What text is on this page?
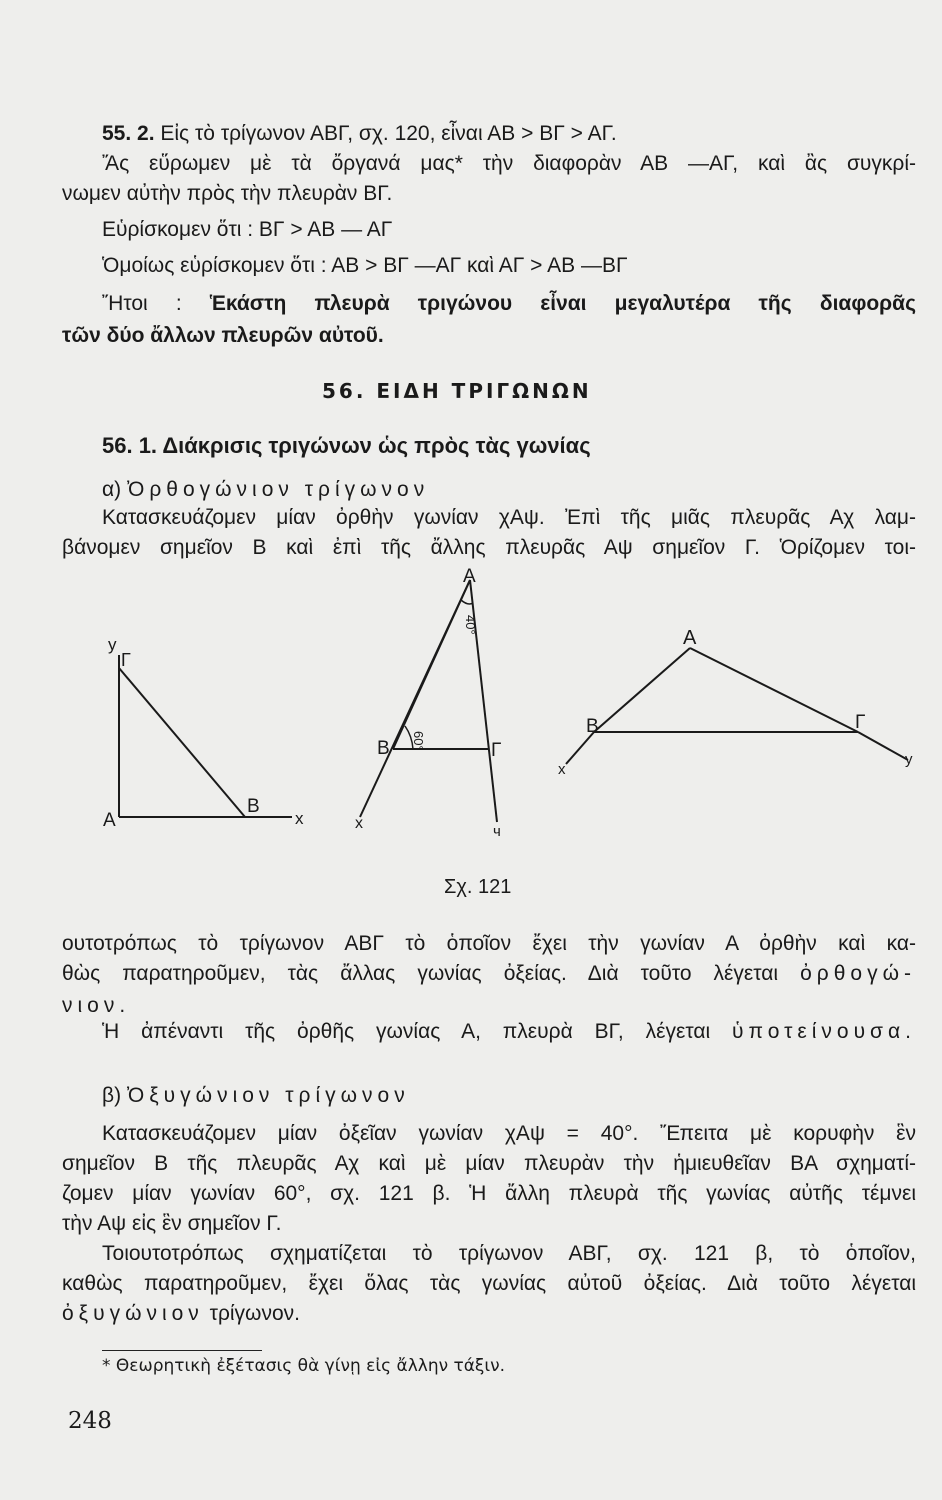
55. 2. Εἰς τὸ τρίγωνον ΑΒΓ, σχ. 120, εἶναι ΑΒ > ΒΓ > ΑΓ.
Ἄς εὕρωμεν μὲ τὰ ὄργανά μας* τὴν διαφορὰν ΑΒ —ΑΓ, καὶ ἂς συγκρί-
νωμεν αὐτὴν πρὸς τὴν πλευρὰν ΒΓ.
Εὑρίσκομεν ὅτι : ΒΓ > ΑΒ — ΑΓ
Ὁμοίως εὑρίσκομεν ὅτι : ΑΒ > ΒΓ —ΑΓ καὶ ΑΓ > ΑΒ —ΒΓ
Ἤτοι : Ἑκάστη πλευρὰ τριγώνου εἶναι μεγαλυτέρα τῆς διαφορᾶς
τῶν δύο ἄλλων πλευρῶν αὐτοῦ.
56. ΕΙΔΗ ΤΡΙΓΩΝΩΝ
56. 1. Διάκρισις τριγώνων ὡς πρὸς τὰς γωνίας
α) Ὀρθογώνιον τρίγωνον
Κατασκευάζομεν μίαν ὀρθὴν γωνίαν χΑψ. Ἐπὶ τῆς μιᾶς πλευρᾶς Αχ λαμ-
βάνομεν σημεῖον Β καὶ ἐπὶ τῆς ἄλλης πλευρᾶς Αψ σημεῖον Γ. Ὁρίζομεν τοι-
y
Γ
A
B
x
A
40°
B 60°	Γ
x	ч
A
B	Γ
x
y
Σχ. 121
ουτοτρόπως τὸ τρίγωνον ΑΒΓ τὸ ὁποῖον ἔχει τὴν γωνίαν Α ὀρθὴν καὶ κα-
θὼς παρατηροῦμεν, τὰς ἄλλας γωνίας ὀξείας. Διὰ τοῦτο λέγεται ὀρθογώ-
νιον.
Ἡ ἀπέναντι τῆς ὀρθῆς γωνίας Α, πλευρὰ ΒΓ, λέγεται ὑποτείνουσα.
β) Ὀξυγώνιον τρίγωνον
Κατασκευάζομεν μίαν ὀξεῖαν γωνίαν χΑψ = 40°. Ἔπειτα μὲ κορυφὴν ἓν
σημεῖον Β τῆς πλευρᾶς Αχ καὶ μὲ μίαν πλευρὰν τὴν ἡμιευθεῖαν ΒΑ σχηματί-
ζομεν μίαν γωνίαν 60°, σχ. 121 β. Ἡ ἄλλη πλευρὰ τῆς γωνίας αὐτῆς τέμνει
τὴν Αψ εἰς ἓν σημεῖον Γ.
Τοιουτοτρόπως σχηματίζεται τὸ τρίγωνον ΑΒΓ, σχ. 121 β, τὸ ὁποῖον,
καθὼς παρατηροῦμεν, ἔχει ὅλας τὰς γωνίας αὐτοῦ ὀξείας. Διὰ τοῦτο λέγεται
ὀξυγώνιον τρίγωνον.
* Θεωρητικὴ ἐξέτασις θὰ γίνῃ εἰς ἄλλην τάξιν.
248
